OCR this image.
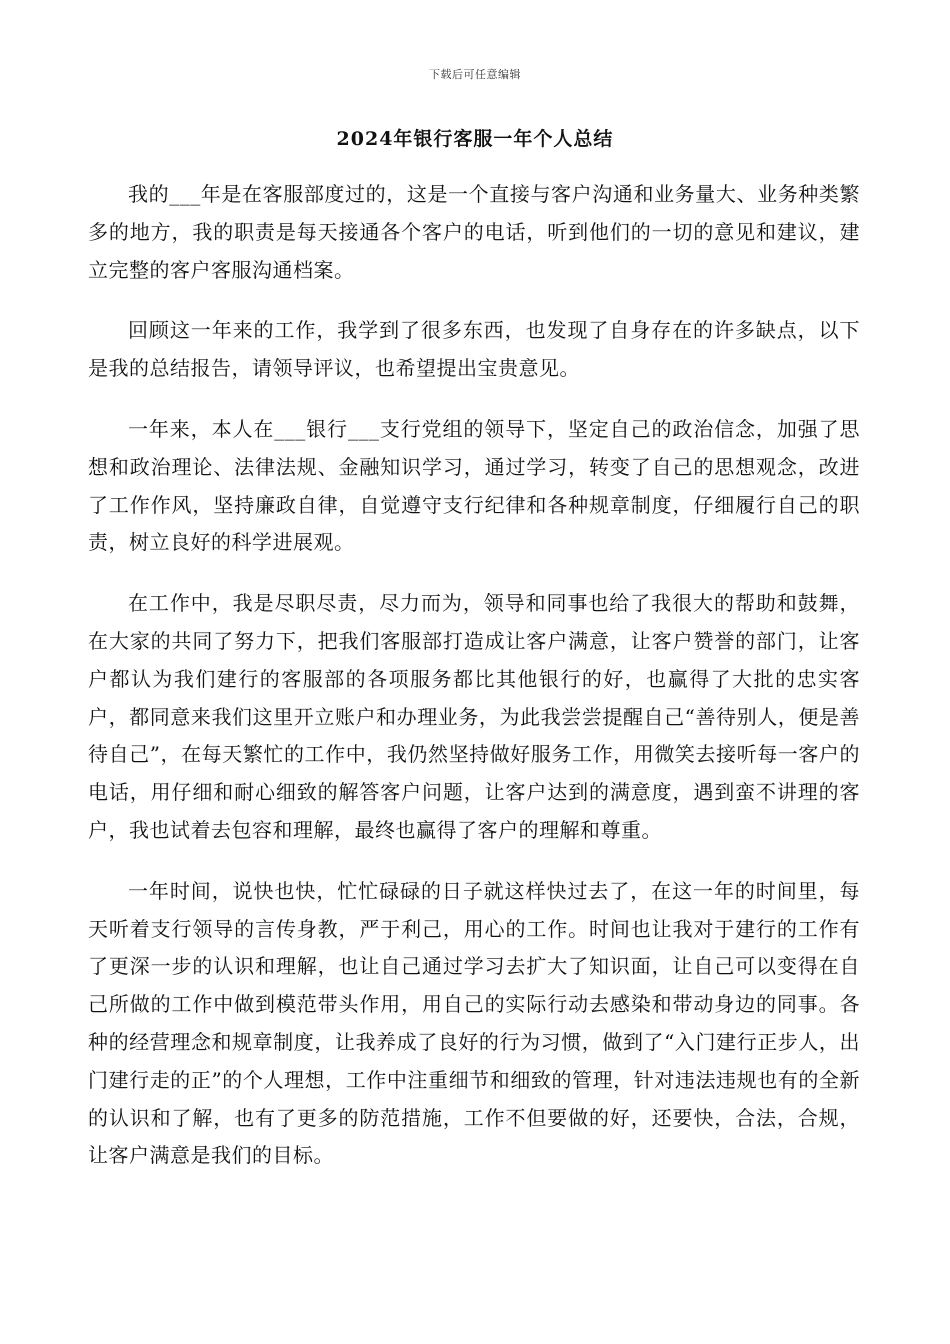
下载后可任意编辑
2024年银行客服一年个人总结

我的___年是在客服部度过的，这是一个直接与客户沟通和业务量大、业务种类繁多的地方，我的职责是每天接通各个客户的电话，听到他们的一切的意见和建议，建立完整的客户客服沟通档案。

回顾这一年来的工作，我学到了很多东西，也发现了自身存在的许多缺点，以下是我的总结报告，请领导评议，也希望提出宝贵意见。

一年来，本人在___银行___支行党组的领导下，坚定自己的政治信念，加强了思想和政治理论、法律法规、金融知识学习，通过学习，转变了自己的思想观念，改进了工作作风，坚持廉政自律，自觉遵守支行纪律和各种规章制度，仔细履行自己的职责，树立良好的科学进展观。

在工作中，我是尽职尽责，尽力而为，领导和同事也给了我很大的帮助和鼓舞，在大家的共同了努力下，把我们客服部打造成让客户满意，让客户赞誉的部门，让客户都认为我们建行的客服部的各项服务都比其他银行的好，也赢得了大批的忠实客户，都同意来我们这里开立账户和办理业务，为此我尝尝提醒自己“善待别人，便是善待自己”，在每天繁忙的工作中，我仍然坚持做好服务工作，用微笑去接听每一客户的电话，用仔细和耐心细致的解答客户问题，让客户达到的满意度，遇到蛮不讲理的客户，我也试着去包容和理解，最终也赢得了客户的理解和尊重。

一年时间，说快也快，忙忙碌碌的日子就这样快过去了，在这一年的时间里，每天听着支行领导的言传身教，严于利己，用心的工作。时间也让我对于建行的工作有了更深一步的认识和理解，也让自己通过学习去扩大了知识面，让自己可以变得在自己所做的工作中做到模范带头作用，用自己的实际行动去感染和带动身边的同事。各种的经营理念和规章制度，让我养成了良好的行为习惯，做到了“入门建行正步人，出门建行走的正”的个人理想，工作中注重细节和细致的管理，针对违法违规也有的全新的认识和了解，也有了更多的防范措施，工作不但要做的好，还要快，合法，合规，让客户满意是我们的目标。
